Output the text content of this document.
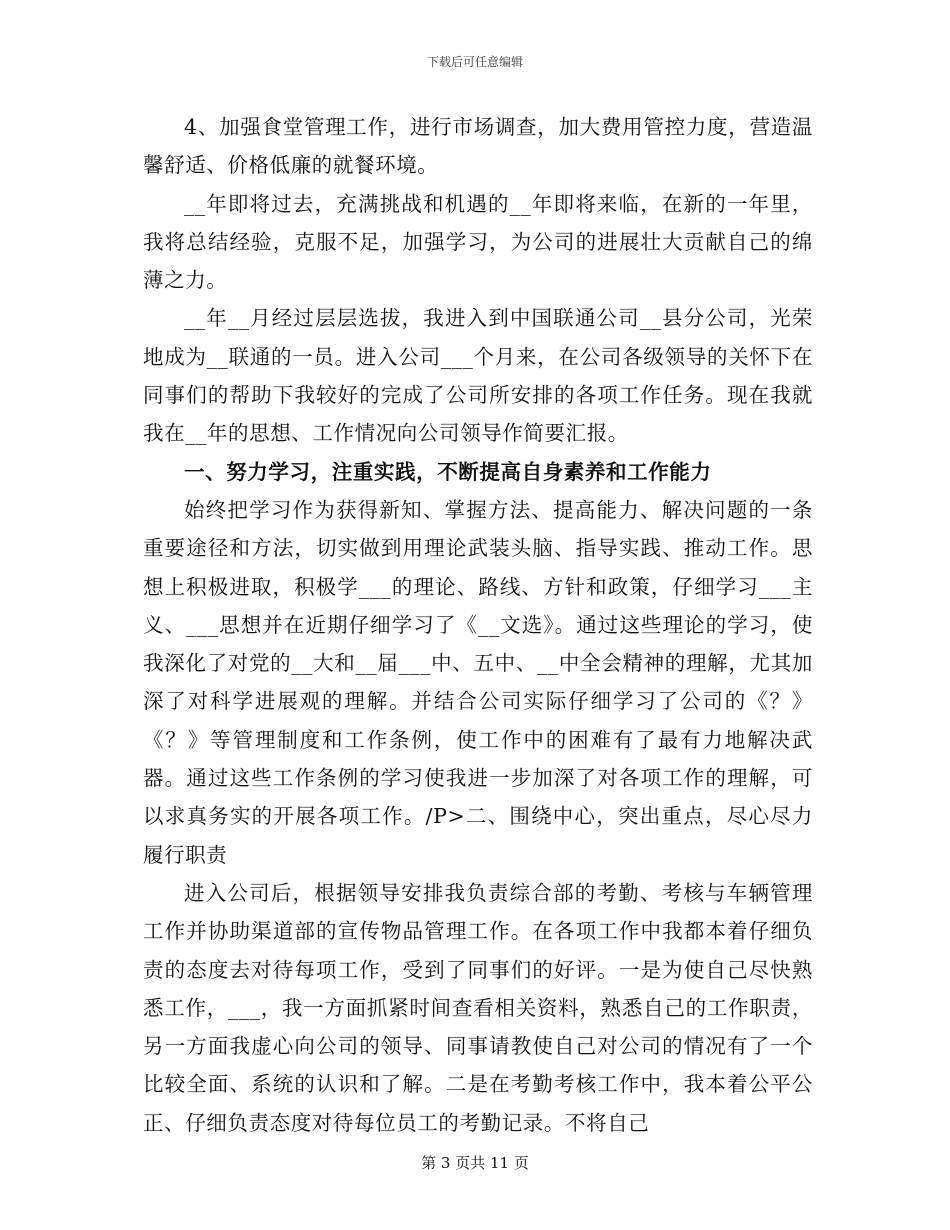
下载后可任意编辑

4、加强食堂管理工作，进行市场调查，加大费用管控力度，营造温馨舒适、价格低廉的就餐环境。

__年即将过去，充满挑战和机遇的__年即将来临，在新的一年里，我将总结经验，克服不足，加强学习，为公司的进展壮大贡献自己的绵薄之力。

__年__月经过层层选拔，我进入到中国联通公司__县分公司，光荣地成为__联通的一员。进入公司___个月来，在公司各级领导的关怀下在同事们的帮助下我较好的完成了公司所安排的各项工作任务。现在我就我在__年的思想、工作情况向公司领导作简要汇报。

一、努力学习，注重实践，不断提高自身素养和工作能力

始终把学习作为获得新知、掌握方法、提高能力、解决问题的一条重要途径和方法，切实做到用理论武装头脑、指导实践、推动工作。思想上积极进取，积极学___的理论、路线、方针和政策，仔细学习___主义、___思想并在近期仔细学习了《__文选》。通过这些理论的学习，使我深化了对党的__大和__届___中、五中、__中全会精神的理解，尤其加深了对科学进展观的理解。并结合公司实际仔细学习了公司的《？》《？》等管理制度和工作条例，使工作中的困难有了最有力地解决武器。通过这些工作条例的学习使我进一步加深了对各项工作的理解，可以求真务实的开展各项工作。/P>二、围绕中心，突出重点，尽心尽力履行职责

进入公司后，根据领导安排我负责综合部的考勤、考核与车辆管理工作并协助渠道部的宣传物品管理工作。在各项工作中我都本着仔细负责的态度去对待每项工作，受到了同事们的好评。一是为使自己尽快熟悉工作，___，我一方面抓紧时间查看相关资料，熟悉自己的工作职责，另一方面我虚心向公司的领导、同事请教使自己对公司的情况有了一个比较全面、系统的认识和了解。二是在考勤考核工作中，我本着公平公正、仔细负责态度对待每位员工的考勤记录。不将自己

第 3 页共 11 页
